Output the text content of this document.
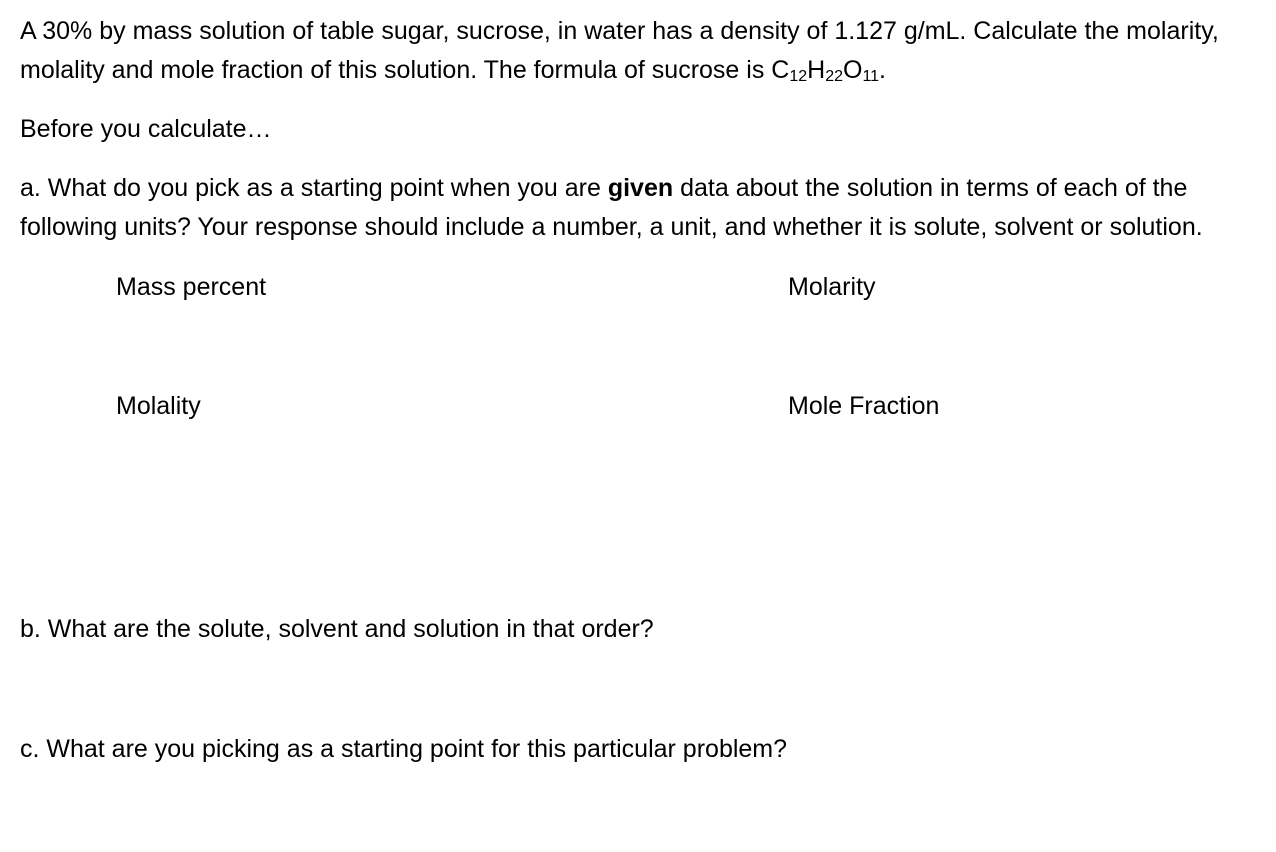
A 30% by mass solution of table sugar, sucrose, in water has a density of 1.127 g/mL. Calculate the molarity, molality and mole fraction of this solution. The formula of sucrose is $C_{12}H_{22}O_{11}$.

Before you calculate…

a. What do you pick as a starting point when you are given data about the solution in terms of each of the following units? Your response should include a number, a unit, and whether it is solute, solvent or solution.

Mass percent	Molarity
Molality	Mole Fraction

b. What are the solute, solvent and solution in that order?

c. What are you picking as a starting point for this particular problem?
